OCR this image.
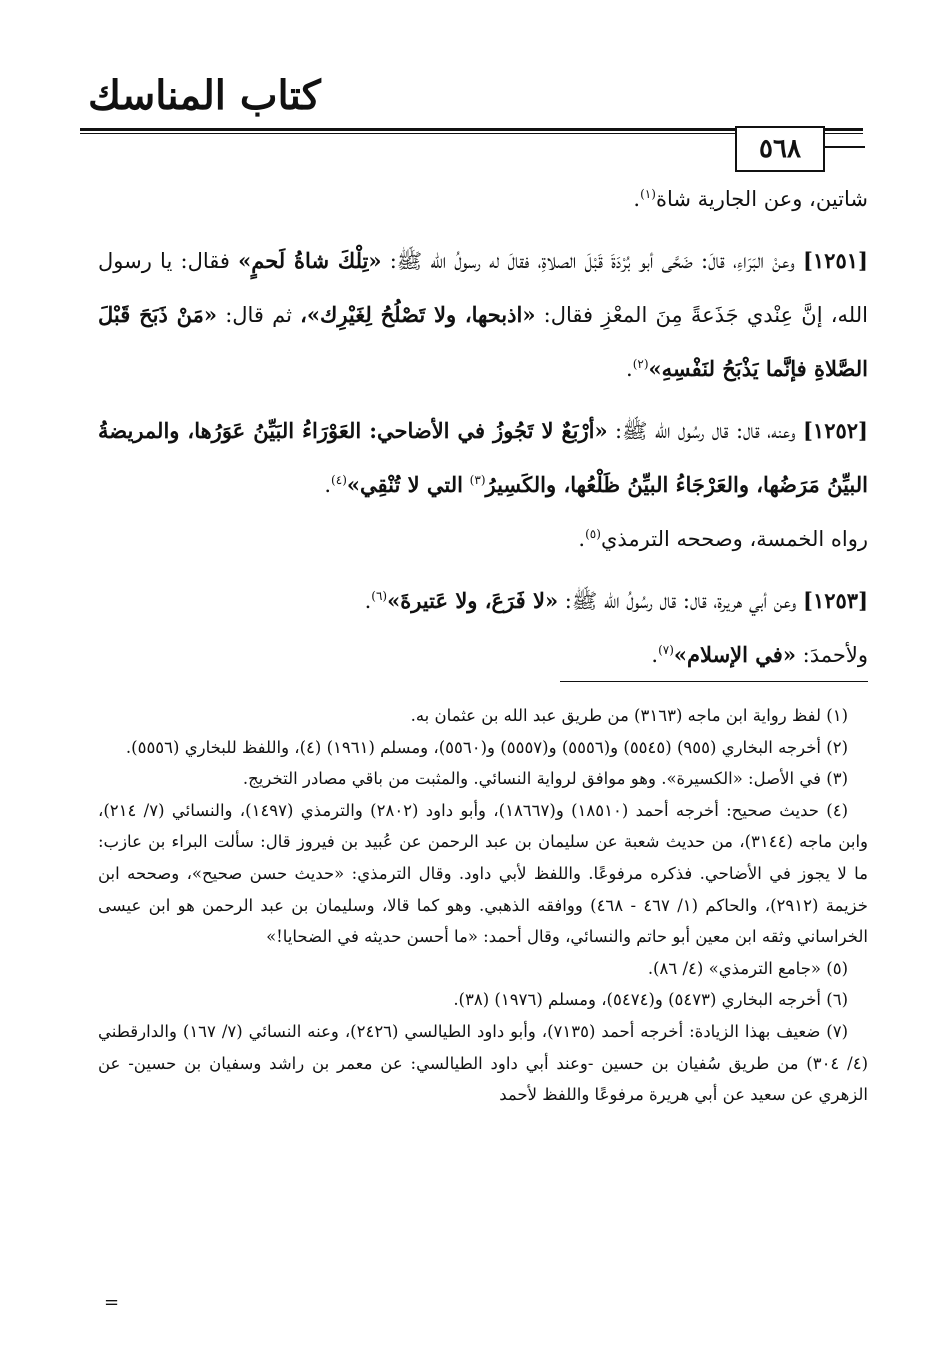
كتاب المناسك
٥٦٨

شاتين، وعن الجارية شاة$^{(١)}$.

[١٢٥١] وعنْ البَرَاءِ، قالَ: ضَحَّى أبو بُرْدَةَ قَبْلَ الصلاةِ، فقالَ له رسولُ الله ﷺ: «تِلْكَ شاةُ لَحمٍ» فقال: يا رسول الله، إنَّ عِنْدي جَذَعةً مِنَ المعْزِ فقال: «اذبحها، ولا تَصْلُحُ لِغَيْرِك»، ثم قال: «مَنْ ذَبَحَ قَبْلَ الصَّلاةِ فإنَّما يَذْبَحُ لنَفْسِهِ»$^{(٢)}$.

[١٢٥٢] وعنه، قال: قال رسُول الله ﷺ: «أرْبَعٌ لا تَجُوزُ في الأضاحي: العَوْرَاءُ البَيِّنُ عَوَرُها، والمريضةُ البيِّنُ مَرَضُها، والعَرْجَاءُ البيِّنُ ظَلْعُها، والكَسِيرُ$^{(٣)}$ التي لا تُنْقِي»$^{(٤)}$.

رواه الخمسة، وصححه الترمذي$^{(٥)}$.

[١٢٥٣] وعن أبي هريرة، قال: قال رسُولُ الله ﷺ: «لا فَرَعَ، ولا عَتيرةَ»$^{(٦)}$.

ولأحمدَ: «في الإسلام»$^{(٧)}$.

(١) لفظ رواية ابن ماجه (٣١٦٣) من طريق عبد الله بن عثمان به.

(٢) أخرجه البخاري (٩٥٥) (٥٥٤٥) و(٥٥٥٦) و(٥٥٥٧) و(٥٥٦٠)، ومسلم (١٩٦١) (٤)، واللفظ للبخاري (٥٥٥٦).

(٣) في الأصل: «الكسيرة». وهو موافق لرواية النسائي. والمثبت من باقي مصادر التخريج.

(٤) حديث صحيح: أخرجه أحمد (١٨٥١٠) و(١٨٦٦٧)، وأبو داود (٢٨٠٢) والترمذي (١٤٩٧)، والنسائي (٧/ ٢١٤)، وابن ماجه (٣١٤٤)، من حديث شعبة عن سليمان بن عبد الرحمن عن عُبيد بن فيروز قال: سألت البراء بن عازب: ما لا يجوز في الأضاحي. فذكره مرفوعًا. واللفظ لأبي داود. وقال الترمذي: «حديث حسن صحيح»، وصححه ابن خزيمة (٢٩١٢)، والحاكم (١/ ٤٦٧ - ٤٦٨) ووافقه الذهبي. وهو كما قالا، وسليمان بن عبد الرحمن هو ابن عيسى الخراساني وثقه ابن معين أبو حاتم والنسائي، وقال أحمد: «ما أحسن حديثه في الضحايا!»

(٥) «جامع الترمذي» (٤/ ٨٦).

(٦) أخرجه البخاري (٥٤٧٣) و(٥٤٧٤)، ومسلم (١٩٧٦) (٣٨).

(٧) ضعيف بهذا الزيادة: أخرجه أحمد (٧١٣٥)، وأبو داود الطيالسي (٢٤٢٦)، وعنه النسائي (٧/ ١٦٧) والدارقطني (٤/ ٣٠٤) من طريق سُفيان بن حسين -وعند أبي داود الطيالسي: عن معمر بن راشد وسفيان بن حسين- عن الزهري عن سعيد عن أبي هريرة مرفوعًا واللفظ لأحمد

=
